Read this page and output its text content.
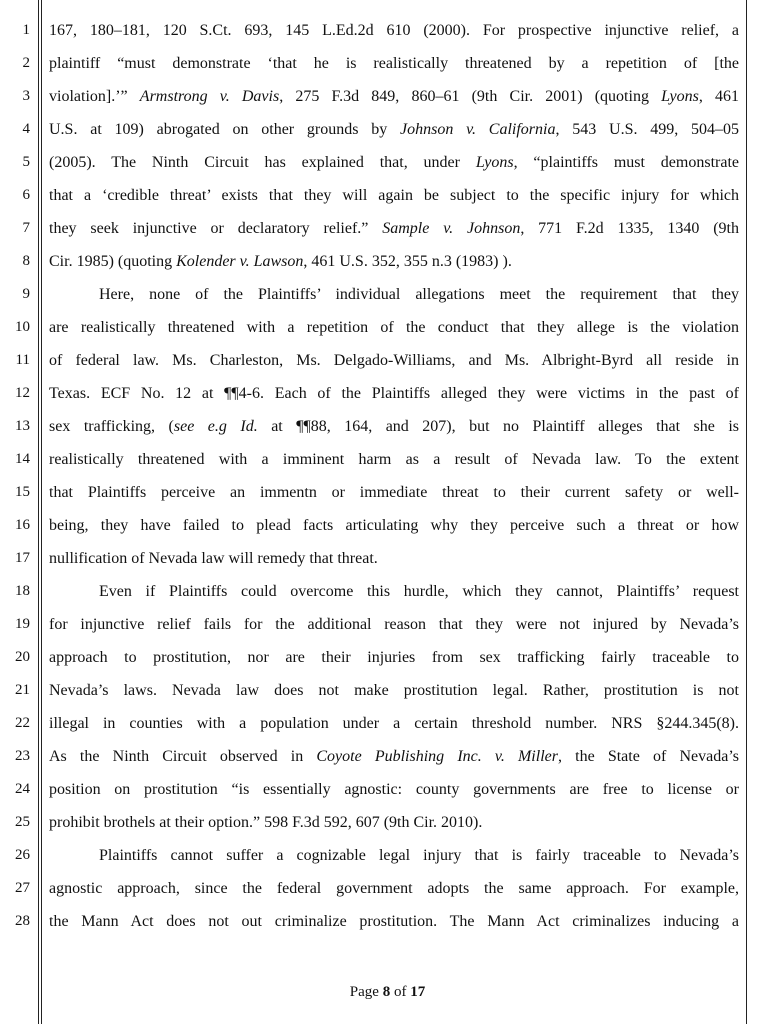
1
2
3
4
5
6
7
8
9
10
11
12
13
14
15
16
17
18
19
20
21
22
23
24
25
26
27
28
167, 180–181, 120 S.Ct. 693, 145 L.Ed.2d 610 (2000). For prospective injunctive relief, a
plaintiff “must demonstrate ‘that he is realistically threatened by a repetition of [the
violation].’” Armstrong v. Davis, 275 F.3d 849, 860–61 (9th Cir. 2001) (quoting Lyons, 461
U.S. at 109) abrogated on other grounds by Johnson v. California, 543 U.S. 499, 504–05
(2005). The Ninth Circuit has explained that, under Lyons, “plaintiffs must demonstrate
that a ‘credible threat’ exists that they will again be subject to the specific injury for which
they seek injunctive or declaratory relief.” Sample v. Johnson, 771 F.2d 1335, 1340 (9th
Cir. 1985) (quoting Kolender v. Lawson, 461 U.S. 352, 355 n.3 (1983) ).
Here, none of the Plaintiffs’ individual allegations meet the requirement that they
are realistically threatened with a repetition of the conduct that they allege is the violation
of federal law. Ms. Charleston, Ms. Delgado-Williams, and Ms. Albright-Byrd all reside in
Texas. ECF No. 12 at ¶¶4-6. Each of the Plaintiffs alleged they were victims in the past of
sex trafficking, (see e.g Id. at ¶¶88, 164, and 207), but no Plaintiff alleges that she is
realistically threatened with a imminent harm as a result of Nevada law. To the extent
that Plaintiffs perceive an immentn or immediate threat to their current safety or well-
being, they have failed to plead facts articulating why they perceive such a threat or how
nullification of Nevada law will remedy that threat.
Even if Plaintiffs could overcome this hurdle, which they cannot, Plaintiffs’ request
for injunctive relief fails for the additional reason that they were not injured by Nevada’s
approach to prostitution, nor are their injuries from sex trafficking fairly traceable to
Nevada’s laws. Nevada law does not make prostitution legal. Rather, prostitution is not
illegal in counties with a population under a certain threshold number. NRS §244.345(8).
As the Ninth Circuit observed in Coyote Publishing Inc. v. Miller, the State of Nevada’s
position on prostitution “is essentially agnostic: county governments are free to license or
prohibit brothels at their option.” 598 F.3d 592, 607 (9th Cir. 2010).
Plaintiffs cannot suffer a cognizable legal injury that is fairly traceable to Nevada’s
agnostic approach, since the federal government adopts the same approach. For example,
the Mann Act does not out criminalize prostitution. The Mann Act criminalizes inducing a
Page 8 of 17
